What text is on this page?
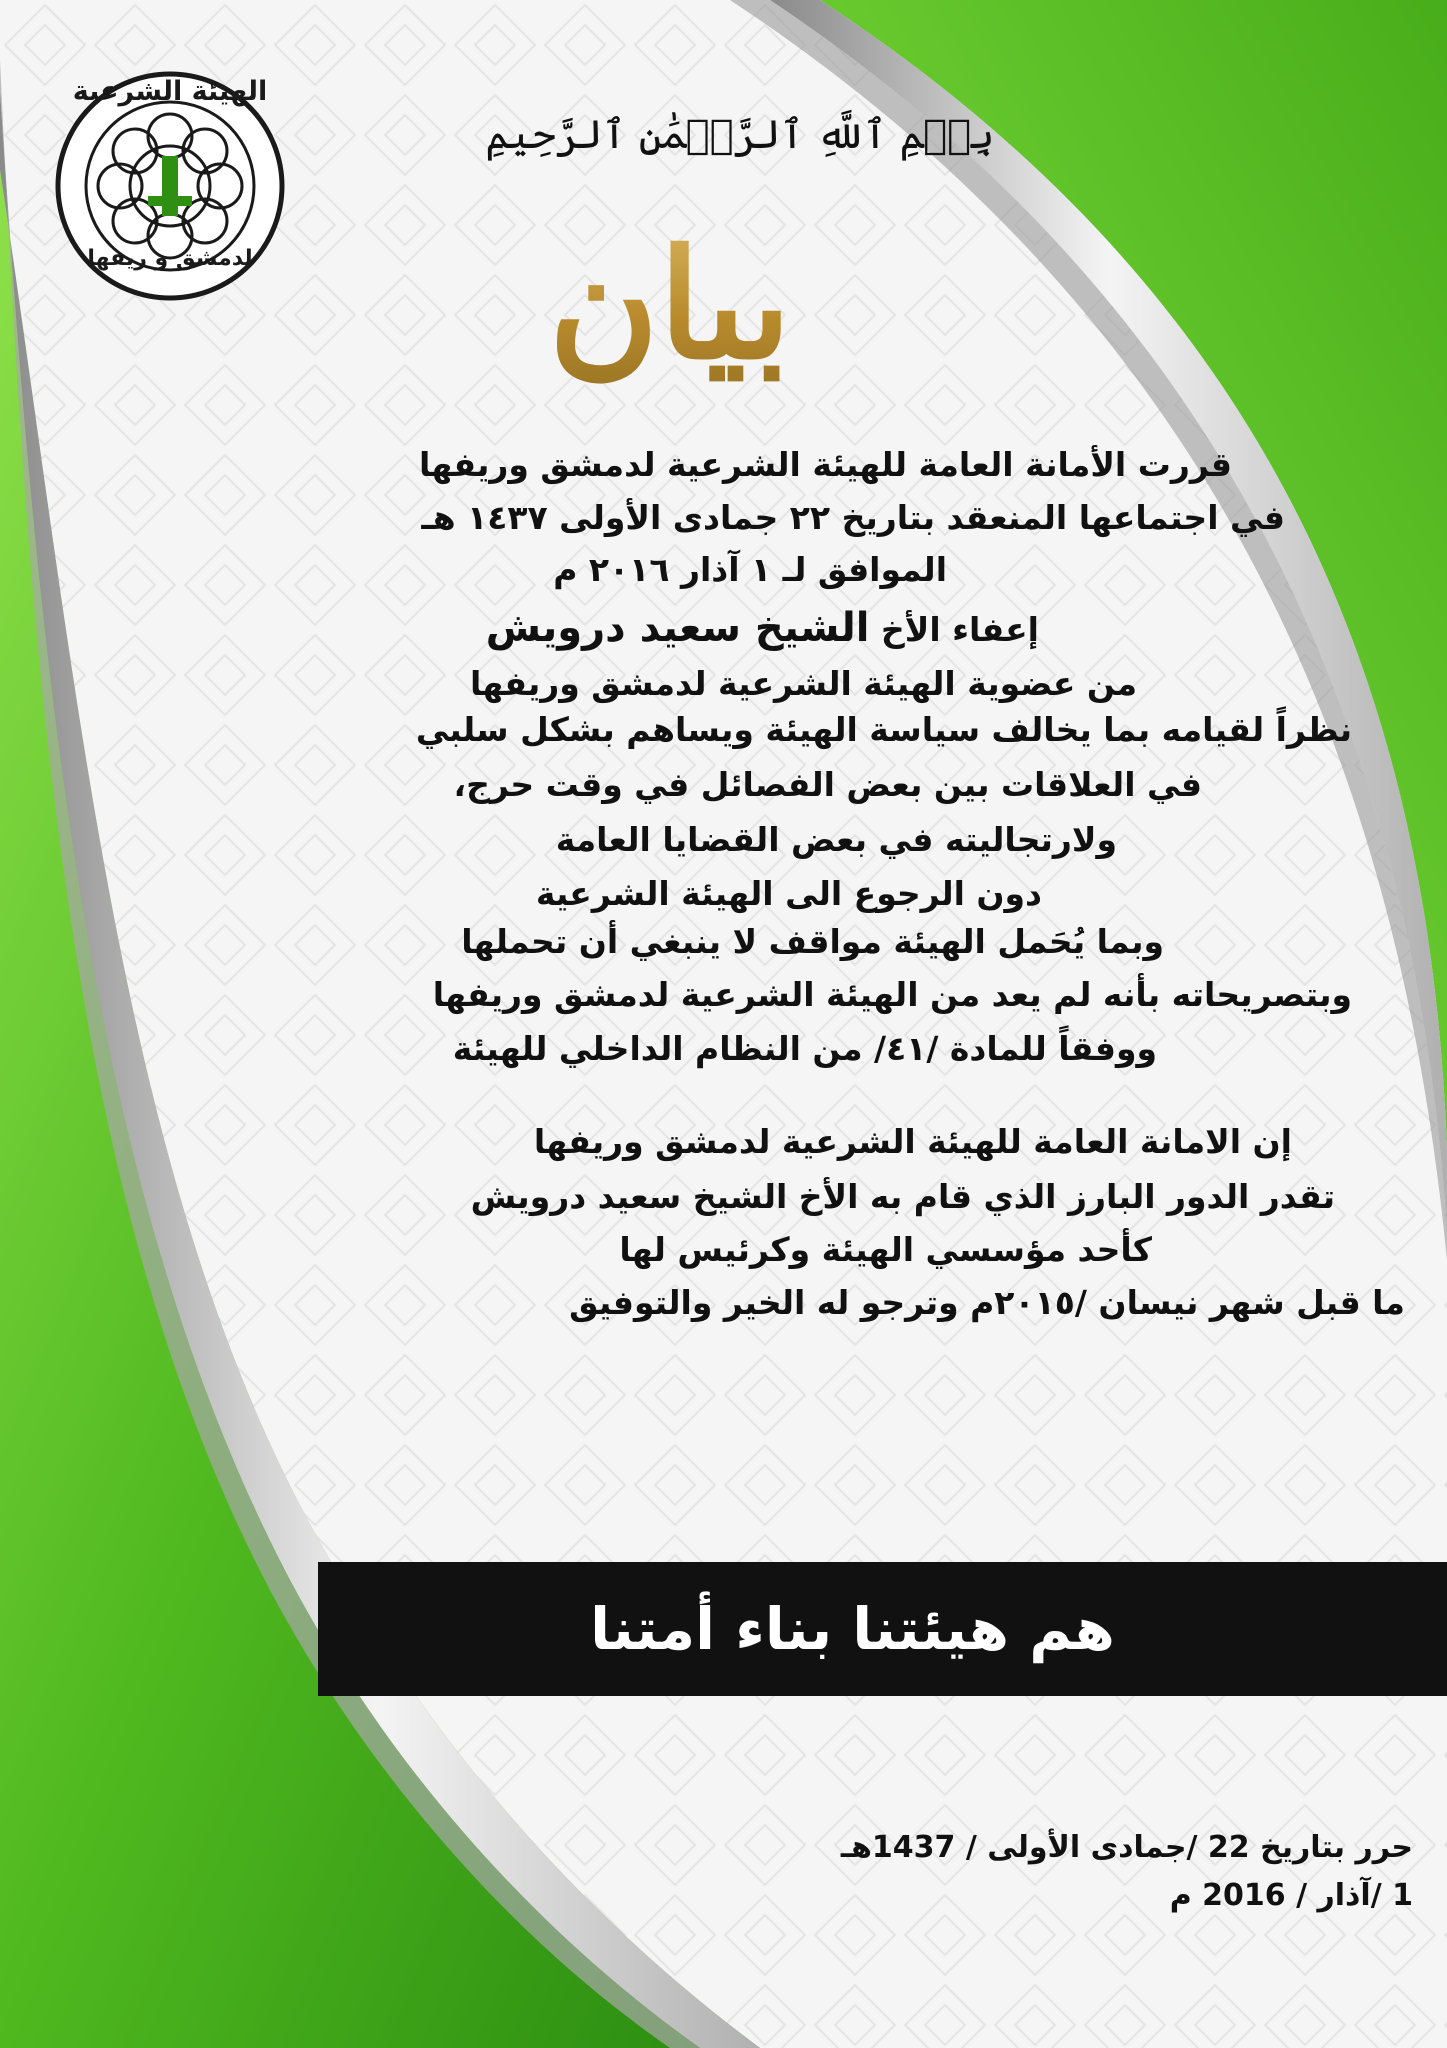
الهيئة الشرعية
لدمشق و ريفها
بِسۡمِ ٱللَّهِ ٱلرَّحۡمَٰنِ ٱلرَّحِيمِ
بيان
قررت الأمانة العامة للهيئة الشرعية لدمشق وريفها
في اجتماعها المنعقد بتاريخ ٢٢ جمادى الأولى ١٤٣٧ هـ
الموافق لـ ١ آذار ٢٠١٦ م
إعفاء الأخ الشيخ سعيد درويش
من عضوية الهيئة الشرعية لدمشق وريفها
نظراً لقيامه بما يخالف سياسة الهيئة ويساهم بشكل سلبي
في العلاقات بين بعض الفصائل في وقت حرج،
ولارتجاليته في بعض القضايا العامة
دون الرجوع الى الهيئة الشرعية
وبما يُحَمل الهيئة مواقف لا ينبغي أن تحملها
وبتصريحاته بأنه لم يعد من الهيئة الشرعية لدمشق وريفها
ووفقاً للمادة /٤١/ من النظام الداخلي للهيئة
إن الامانة العامة للهيئة الشرعية لدمشق وريفها
تقدر الدور البارز الذي قام به الأخ الشيخ سعيد درويش
كأحد مؤسسي الهيئة وكرئيس لها
ما قبل شهر نيسان /٢٠١٥م وترجو له الخير والتوفيق
هم هيئتنا بناء أمتنا
حرر بتاريخ 22 /جمادى الأولى / 1437هـ
1 /آذار / 2016 م
